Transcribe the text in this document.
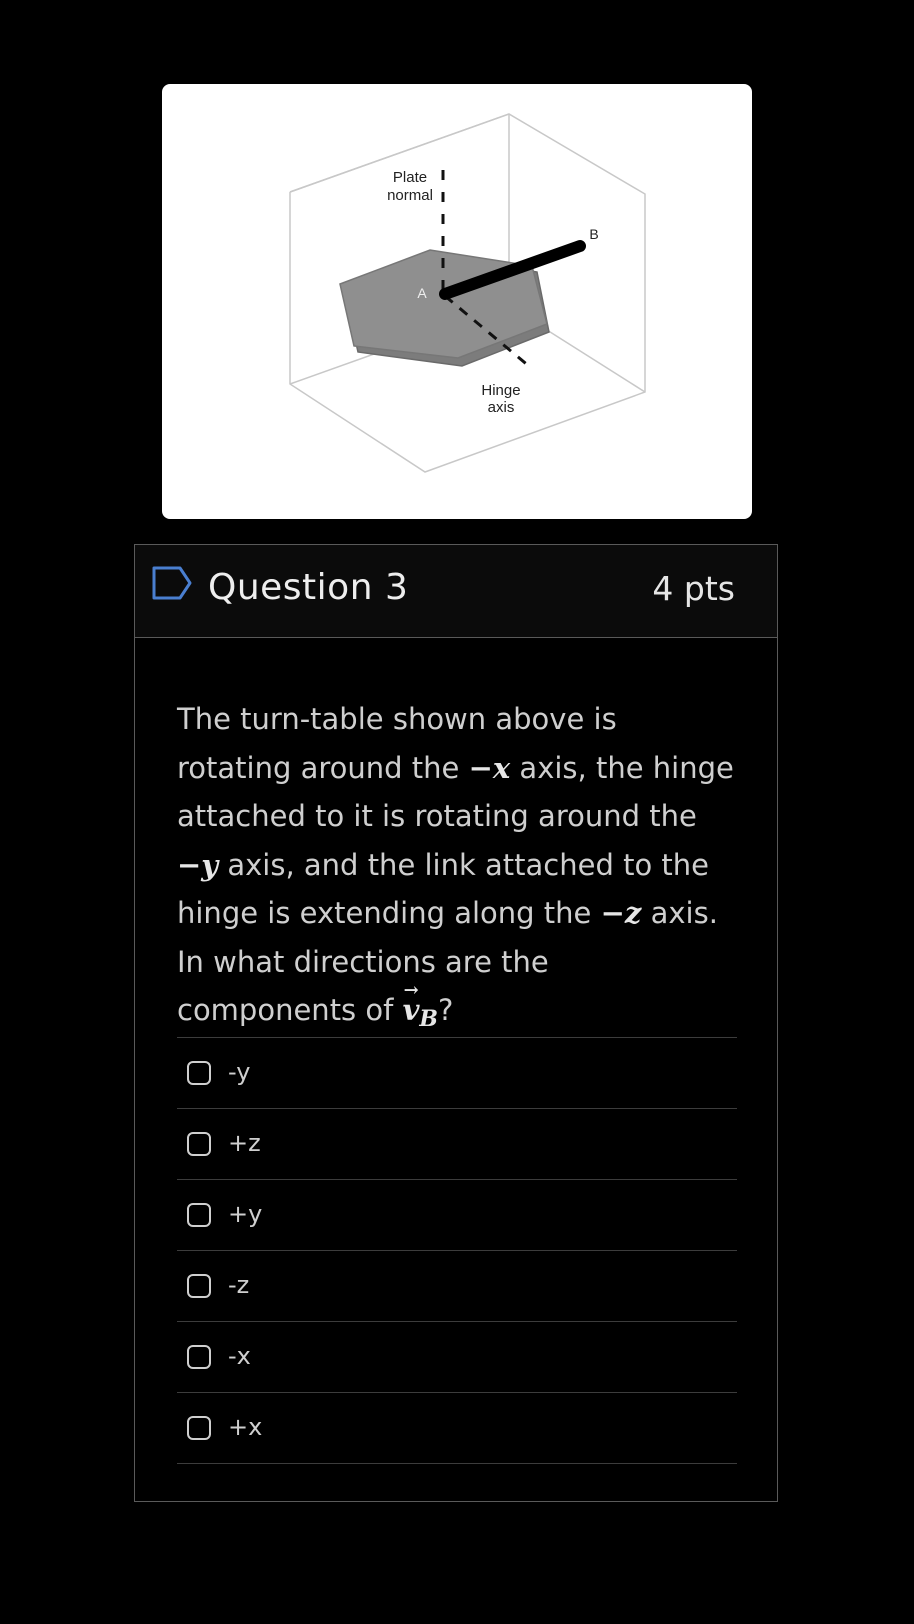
Plate
normal
Hinge
axis
A
B
Question 3	4 pts
The turn-table shown above is rotating around the −x axis, the hinge attached to it is rotating around the −y axis, and the link attached to the hinge is extending along the −z axis. In what directions are the components of → $v_B$?
-y
+z
+y
-z
-x
+x
